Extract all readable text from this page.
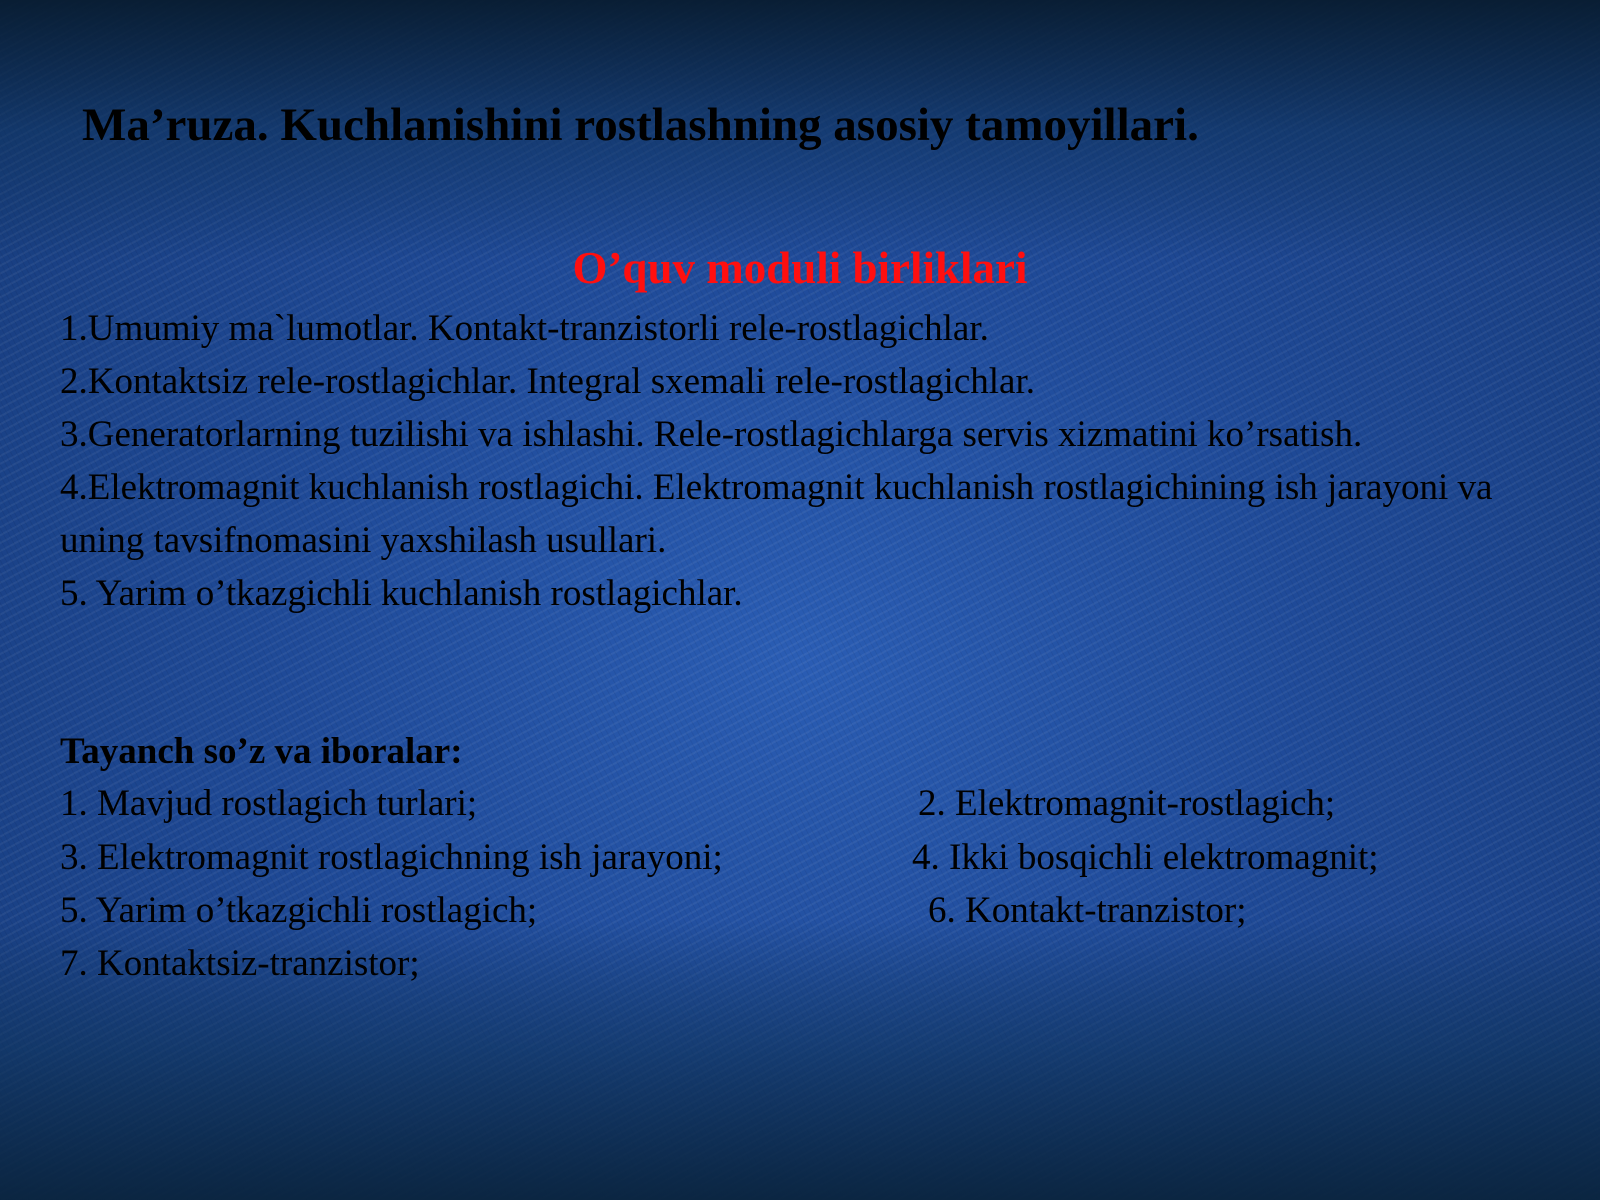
Ma’ruza. Kuchlanishini rostlashning asosiy tamoyillari.
O’quv moduli birliklari

1.Umumiy ma`lumotlar. Kontakt-tranzistorli rele-rostlagichlar.

2.Kontaktsiz rele-rostlagichlar. Integral sxemali rele-rostlagichlar.

3.Generatorlarning tuzilishi va ishlashi. Rele-rostlagichlarga servis xizmatini ko’rsatish.

4.Elektromagnit kuchlanish rostlagichi. Elektromagnit kuchlanish rostlagichining ish jarayoni va uning tavsifnomasini yaxshilash usullari.

5. Yarim o’tkazgichli kuchlanish rostlagichlar.

Tayanch so’z va iboralar:
1. Mavjud rostlagich turlari;	2. Elektromagnit-rostlagich;
3. Elektromagnit rostlagichning ish jarayoni;	4. Ikki bosqichli elektromagnit;
5. Yarim o’tkazgichli rostlagich;	6. Kontakt-tranzistor;
7. Kontaktsiz-tranzistor;
